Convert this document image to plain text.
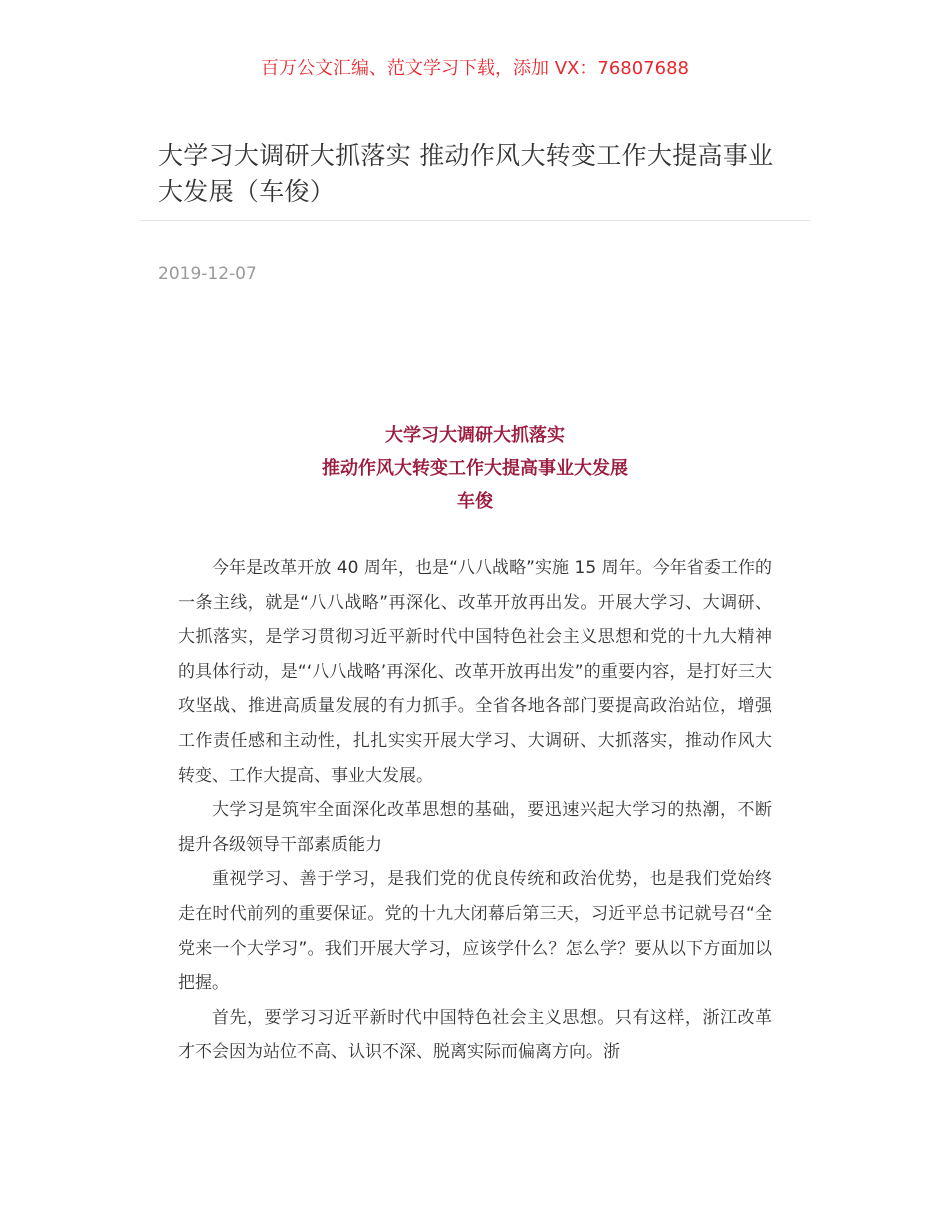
百万公文汇编、范文学习下载，添加 VX：76807688
大学习大调研大抓落实 推动作风大转变工作大提高事业大发展（车俊）
2019-12-07
大学习大调研大抓落实
推动作风大转变工作大提高事业大发展
车俊

今年是改革开放 40 周年，也是“八八战略”实施 15 周年。今年省委工作的一条主线，就是“八八战略”再深化、改革开放再出发。开展大学习、大调研、大抓落实，是学习贯彻习近平新时代中国特色社会主义思想和党的十九大精神的具体行动，是“‘八八战略’再深化、改革开放再出发”的重要内容，是打好三大攻坚战、推进高质量发展的有力抓手。全省各地各部门要提高政治站位，增强工作责任感和主动性，扎扎实实开展大学习、大调研、大抓落实，推动作风大转变、工作大提高、事业大发展。

大学习是筑牢全面深化改革思想的基础，要迅速兴起大学习的热潮，不断提升各级领导干部素质能力

重视学习、善于学习，是我们党的优良传统和政治优势，也是我们党始终走在时代前列的重要保证。党的十九大闭幕后第三天，习近平总书记就号召“全党来一个大学习”。我们开展大学习，应该学什么？怎么学？要从以下方面加以把握。

首先，要学习习近平新时代中国特色社会主义思想。只有这样，浙江改革才不会因为站位不高、认识不深、脱离实际而偏离方向。浙
